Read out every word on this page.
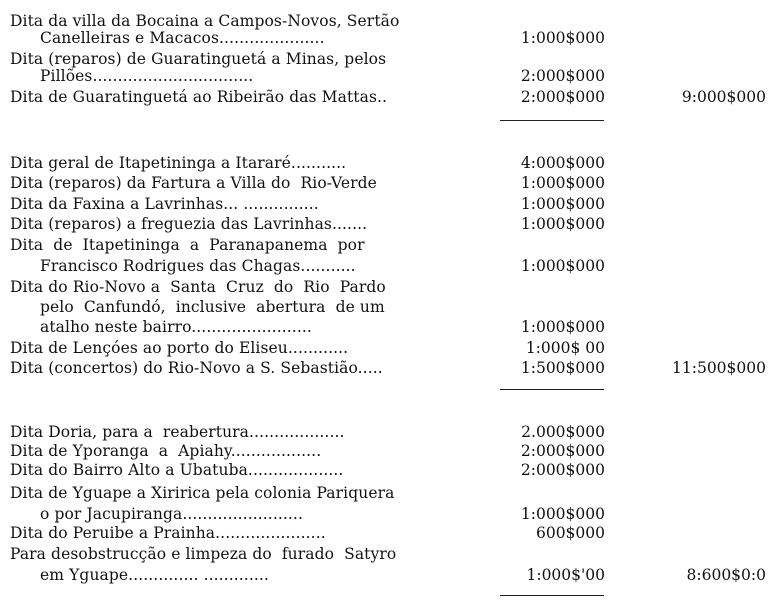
Dita da villa da Bocaina a Campos-Novos, Sertão
Canelleiras e Macacos.....................	1:000$000
Dita (reparos) de Guaratinguetá a Minas, pelos
Pillões................................	2:000$000
Dita de Guaratinguetá ao Ribeirão das Mattas..	2:000$000	9:000$000
Dita geral de Itapetininga a Itararé...........	4:000$000
Dita (reparos) da Fartura a Villa do  Rio-Verde	1:000$000
Dita da Faxina a Lavrinhas... ...............	1:000$000
Dita (reparos) a freguezia das Lavrinhas.......	1:000$000
Dita  de  Itapetininga  a  Paranapanema  por
Francisco Rodrigues das Chagas...........	1:000$000
Dita do Rio-Novo a  Santa  Cruz  do  Rio  Pardo
pelo  Canfundó,  inclusive  abertura  de um
atalho neste bairro........................	1:000$000
Dita de Lençóes ao porto do Eliseu............	1:000$ 00
Dita (concertos) do Rio-Novo a S. Sebastião.....	1:500$000	11:500$000
Dita Doria, para a  reabertura...................	2.000$000
Dita de Yporanga  a  Apiahy..................	2:000$000
Dita do Bairro Alto a Ubatuba...................	2:000$000
Dita de Yguape a Xiririca pela colonia Pariquera
o por Jacupiranga........................	1:000$000
Dita do Peruibe a Prainha......................	600$000
Para desobstrucção e limpeza do  furado  Satyro
em Yguape.............. .............	1:000$'00	8:600$0:0
